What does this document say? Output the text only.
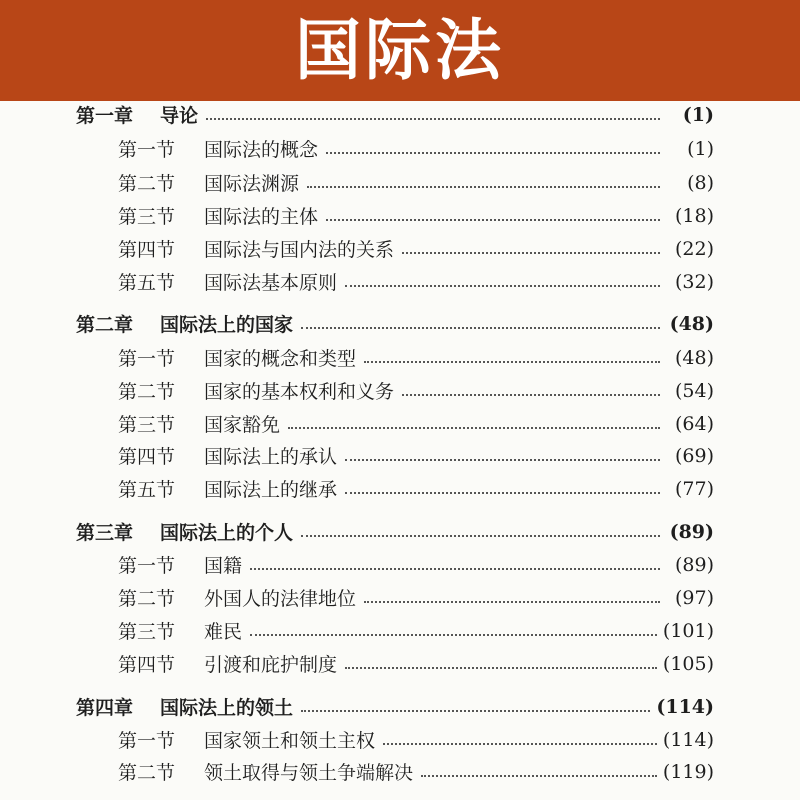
国际法
第一章	导论	(1)
第一节	国际法的概念	(1)
第二节	国际法渊源	(8)
第三节	国际法的主体	(18)
第四节	国际法与国内法的关系	(22)
第五节	国际法基本原则	(32)
第二章	国际法上的国家	(48)
第一节	国家的概念和类型	(48)
第二节	国家的基本权利和义务	(54)
第三节	国家豁免	(64)
第四节	国际法上的承认	(69)
第五节	国际法上的继承	(77)
第三章	国际法上的个人	(89)
第一节	国籍	(89)
第二节	外国人的法律地位	(97)
第三节	难民	(101)
第四节	引渡和庇护制度	(105)
第四章	国际法上的领土	(114)
第一节	国家领土和领土主权	(114)
第二节	领土取得与领土争端解决	(119)
